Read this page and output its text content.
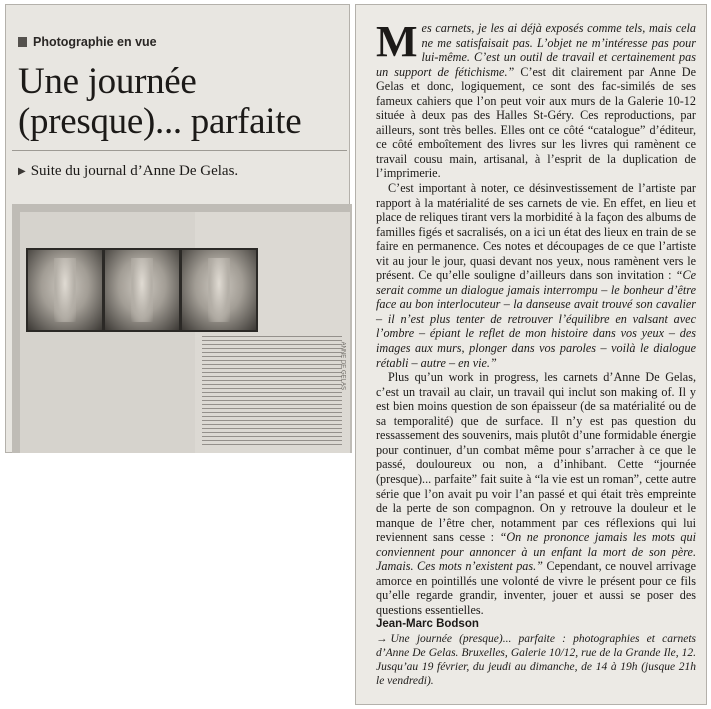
Photographie en vue
Une journée
(presque)... parfaite
▶ Suite du journal d’Anne De Gelas.
ANNE DE GELAS

Mes carnets, je les ai déjà exposés comme tels, mais cela ne me satisfaisait pas. L’objet ne m’intéresse pas pour lui-même. C’est un outil de travail et certainement pas un support de fétichisme.” C’est dit clairement par Anne De Gelas et donc, logiquement, ce sont des fac-similés de ses fameux cahiers que l’on peut voir aux murs de la Galerie 10-12 située à deux pas des Halles St-Géry. Ces reproductions, par ailleurs, sont très belles. Elles ont ce côté “catalogue” d’éditeur, ce côté emboîtement des livres sur les livres qui ramènent ce travail cousu main, artisanal, à l’esprit de la duplication de l’imprimerie.

C’est important à noter, ce désinvestissement de l’artiste par rapport à la matérialité de ses carnets de vie. En effet, en lieu et place de reliques tirant vers la morbidité à la façon des albums de familles figés et sacralisés, on a ici un état des lieux en train de se faire en permanence. Ces notes et découpages de ce que l’artiste vit au jour le jour, quasi devant nos yeux, nous ramènent vers le présent. Ce qu’elle souligne d’ailleurs dans son invitation : “Ce serait comme un dialogue jamais interrompu – le bonheur d’être face au bon interlocuteur – la danseuse avait trouvé son cavalier – il n’est plus tenter de retrouver l’équilibre en valsant avec l’ombre – épiant le reflet de mon histoire dans vos yeux – des images aux murs, plonger dans vos paroles – voilà le dialogue rétabli – autre – en vie.”

Plus qu’un work in progress, les carnets d’Anne De Gelas, c’est un travail au clair, un travail qui inclut son making of. Il y est bien moins question de son épaisseur (de sa matérialité ou de sa temporalité) que de surface. Il n’y est pas question du ressassement des souvenirs, mais plutôt d’une formidable énergie pour continuer, d’un combat même pour s’arracher à ce que le passé, douloureux ou non, a d’inhibant. Cette “journée (presque)... parfaite” fait suite à “la vie est un roman”, cette autre série que l’on avait pu voir l’an passé et qui était très empreinte de la perte de son compagnon. On y retrouve la douleur et le manque de l’être cher, notamment par ces réflexions qui lui reviennent sans cesse : “On ne prononce jamais les mots qui conviennent pour annoncer à un enfant la mort de son père. Jamais. Ces mots n’existent pas.” Cependant, ce nouvel arrivage amorce en pointillés une volonté de vivre le présent pour ce fils qu’elle regarde grandir, inventer, jouer et aussi se poser des questions essentielles.

Jean-Marc Bodson

→ Une journée (presque)... parfaite : photographies et carnets d’Anne De Gelas. Bruxelles, Galerie 10/12, rue de la Grande Ile, 12. Jusqu’au 19 février, du jeudi au dimanche, de 14 à 19h (jusque 21h le vendredi).
